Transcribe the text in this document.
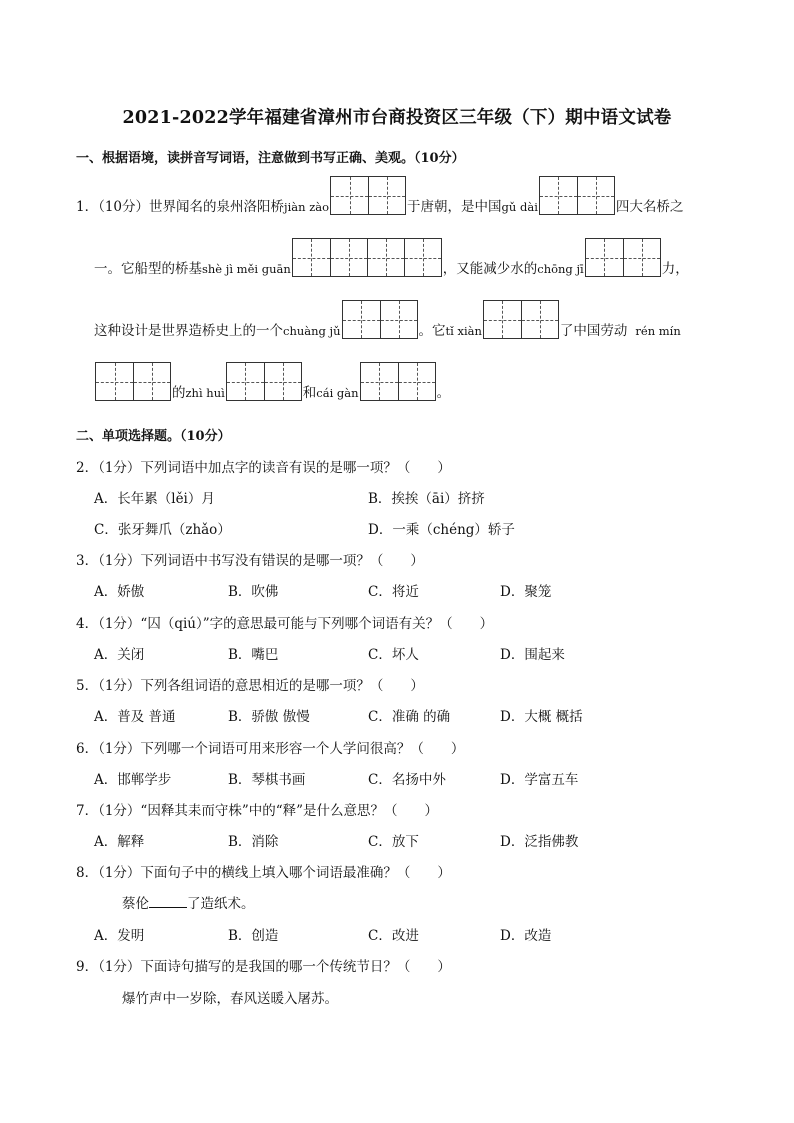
2021-2022学年福建省漳州市台商投资区三年级（下）期中语文试卷
一、根据语境，读拼音写词语，注意做到书写正确、美观。（10分）
1．（10分）世界闻名的泉州洛阳桥 jiàn zào	于唐朝，是中国 gǔ dài	四大名桥之
一。它船型的桥基 shè jì měi guān	，又能减少水的 chōng jī	力，
这种设计是世界造桥史上的一个 chuàng jǔ	。它 tǐ xiàn	了中国劳动 rén mín
的 zhì huì	和 cái gàn	。
二、单项选择题。（10分）
2．（1分）下列词语中加点字的读音有误的是哪一项？（　　）
A．长年累（lěi）月	B．挨挨（āi）挤挤
C．张牙舞爪（zhǎo）	D．一乘（chéng）轿子
3．（1分）下列词语中书写没有错误的是哪一项？（　　）
A．娇傲	B．吹佛	C．将近	D．聚笼
4．（1分）“囚（qiú）”字的意思最可能与下列哪个词语有关？（　　）
A．关闭	B．嘴巴	C．坏人	D．围起来
5．（1分）下列各组词语的意思相近的是哪一项？（　　）
A．普及 普通	B．骄傲 傲慢	C．准确 的确	D．大概 概括
6．（1分）下列哪一个词语可用来形容一个人学问很高？（　　）
A．邯郸学步	B．琴棋书画	C．名扬中外	D．学富五车
7．（1分）“因释其耒而守株”中的“释”是什么意思？（　　）
A．解释	B．消除	C．放下	D．泛指佛教
8．（1分）下面句子中的横线上填入哪个词语最准确？（　　）
蔡伦	了造纸术。
A．发明	B．创造	C．改进	D．改造
9．（1分）下面诗句描写的是我国的哪一个传统节日？（　　）
爆竹声中一岁除，春风送暖入屠苏。
